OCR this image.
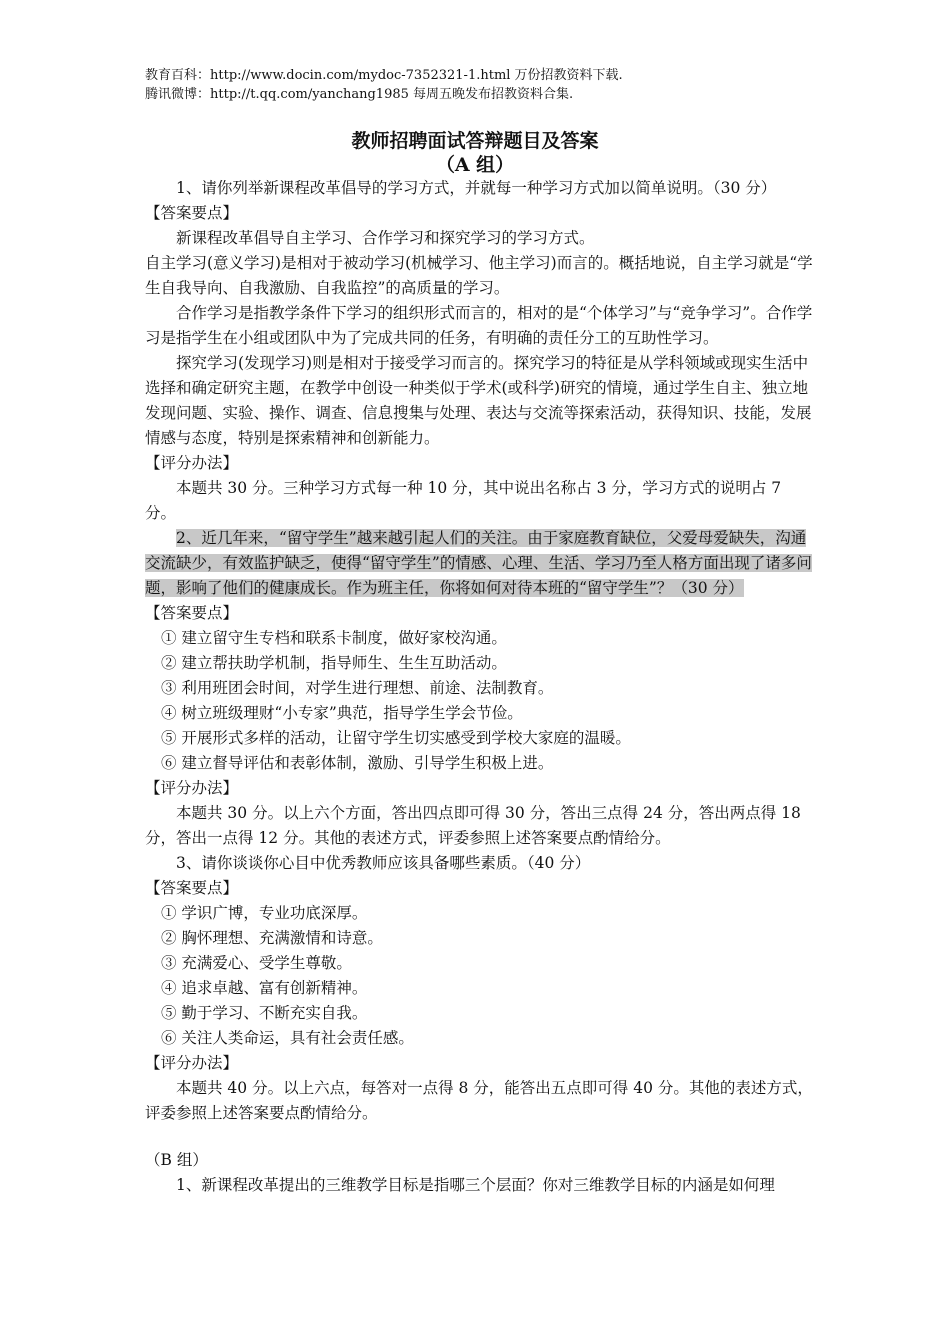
教育百科：http://www.docin.com/mydoc-7352321-1.html 万份招教资料下载.
腾讯微博：http://t.qq.com/yanchang1985 每周五晚发布招教资料合集.
教师招聘面试答辩题目及答案
（A 组）

1、请你列举新课程改革倡导的学习方式，并就每一种学习方式加以简单说明。（30 分）

【答案要点】

新课程改革倡导自主学习、合作学习和探究学习的学习方式。

自主学习(意义学习)是相对于被动学习(机械学习、他主学习)而言的。概括地说，自主学习就是“学生自我导向、自我激励、自我监控”的高质量的学习。

合作学习是指教学条件下学习的组织形式而言的，相对的是“个体学习”与“竞争学习”。合作学习是指学生在小组或团队中为了完成共同的任务，有明确的责任分工的互助性学习。

探究学习(发现学习)则是相对于接受学习而言的。探究学习的特征是从学科领域或现实生活中选择和确定研究主题，在教学中创设一种类似于学术(或科学)研究的情境，通过学生自主、独立地发现问题、实验、操作、调查、信息搜集与处理、表达与交流等探索活动，获得知识、技能，发展情感与态度，特别是探索精神和创新能力。

【评分办法】

本题共 30 分。三种学习方式每一种 10 分，其中说出名称占 3 分，学习方式的说明占 7 分。

2、近几年来，“留守学生”越来越引起人们的关注。由于家庭教育缺位，父爱母爱缺失，沟通交流缺少，有效监护缺乏，使得“留守学生”的情感、心理、生活、学习乃至人格方面出现了诸多问题，影响了他们的健康成长。作为班主任，你将如何对待本班的“留守学生”？（30 分）

【答案要点】

① 建立留守生专档和联系卡制度，做好家校沟通。

② 建立帮扶助学机制，指导师生、生生互助活动。

③ 利用班团会时间，对学生进行理想、前途、法制教育。

④ 树立班级理财“小专家”典范，指导学生学会节俭。

⑤ 开展形式多样的活动，让留守学生切实感受到学校大家庭的温暖。

⑥ 建立督导评估和表彰体制，激励、引导学生积极上进。

【评分办法】

本题共 30 分。以上六个方面，答出四点即可得 30 分，答出三点得 24 分，答出两点得 18 分，答出一点得 12 分。其他的表述方式，评委参照上述答案要点酌情给分。

3、请你谈谈你心目中优秀教师应该具备哪些素质。（40 分）

【答案要点】

① 学识广博，专业功底深厚。

② 胸怀理想、充满激情和诗意。

③ 充满爱心、受学生尊敬。

④ 追求卓越、富有创新精神。

⑤ 勤于学习、不断充实自我。

⑥ 关注人类命运，具有社会责任感。

【评分办法】

本题共 40 分。以上六点，每答对一点得 8 分，能答出五点即可得 40 分。其他的表述方式，评委参照上述答案要点酌情给分。

（B 组）

1、新课程改革提出的三维教学目标是指哪三个层面？你对三维教学目标的内涵是如何理
